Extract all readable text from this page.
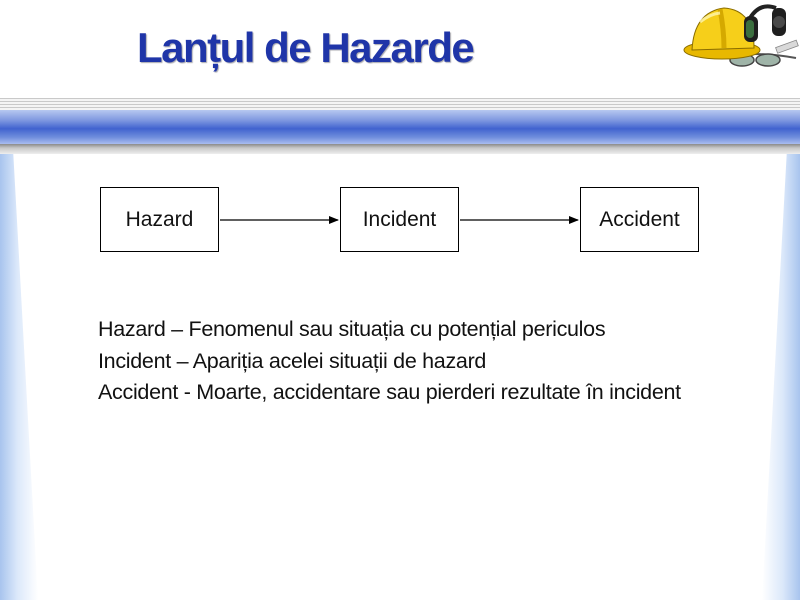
Lanțul de Hazarde
Hazard	Incident	Accident
Hazard – Fenomenul sau situația cu potențial periculos
Incident – Apariția acelei situații de hazard
Accident - Moarte, accidentare sau pierderi rezultate în incident
